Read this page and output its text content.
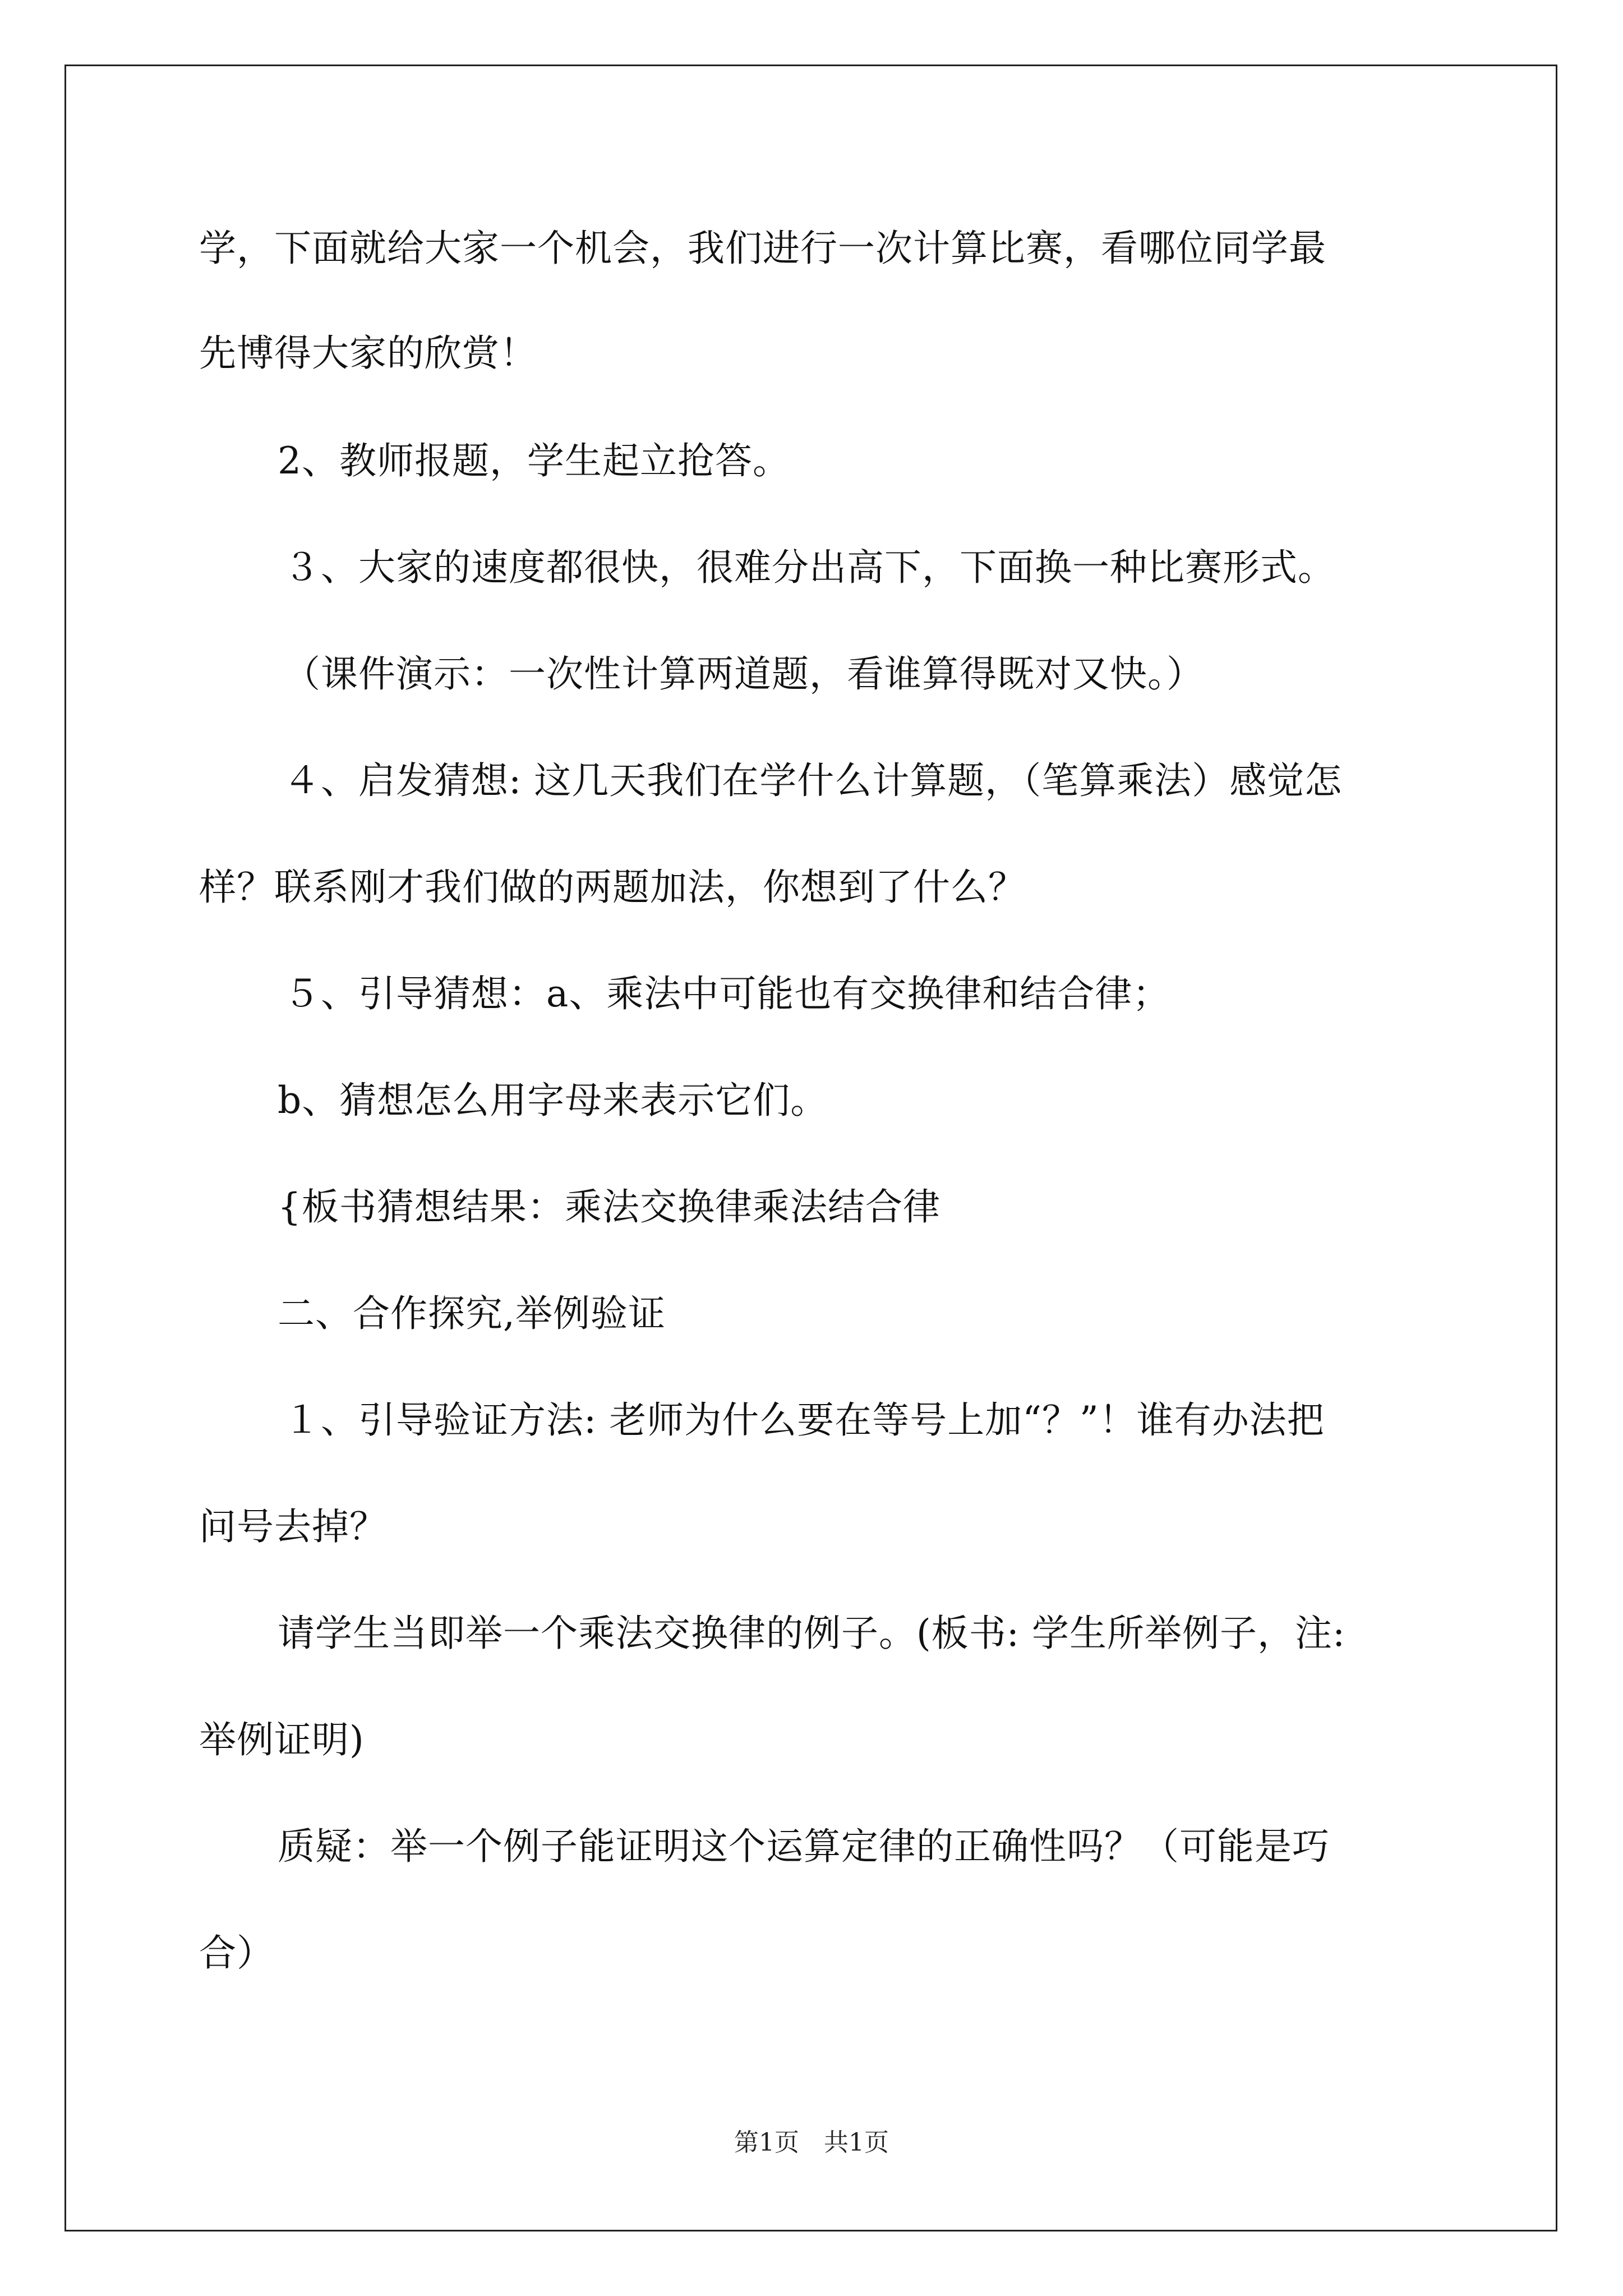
学，下面就给大家一个机会，我们进行一次计算比赛，看哪位同学最
先博得大家的欣赏！
2、教师报题，学生起立抢答。
３、大家的速度都很快，很难分出高下，下面换一种比赛形式。
（课件演示：一次性计算两道题，看谁算得既对又快。）
４、启发猜想: 这几天我们在学什么计算题，（笔算乘法）感觉怎
样？联系刚才我们做的两题加法，你想到了什么？
５、引导猜想：a、乘法中可能也有交换律和结合律；
b、猜想怎么用字母来表示它们。
{板书猜想结果：乘法交换律乘法结合律
二、合作探究,举例验证
１、引导验证方法: 老师为什么要在等号上加“？”！谁有办法把
问号去掉？
请学生当即举一个乘法交换律的例子。(板书: 学生所举例子，注:
举例证明)
质疑：举一个例子能证明这个运算定律的正确性吗？（可能是巧
合）
第1页　共1页
